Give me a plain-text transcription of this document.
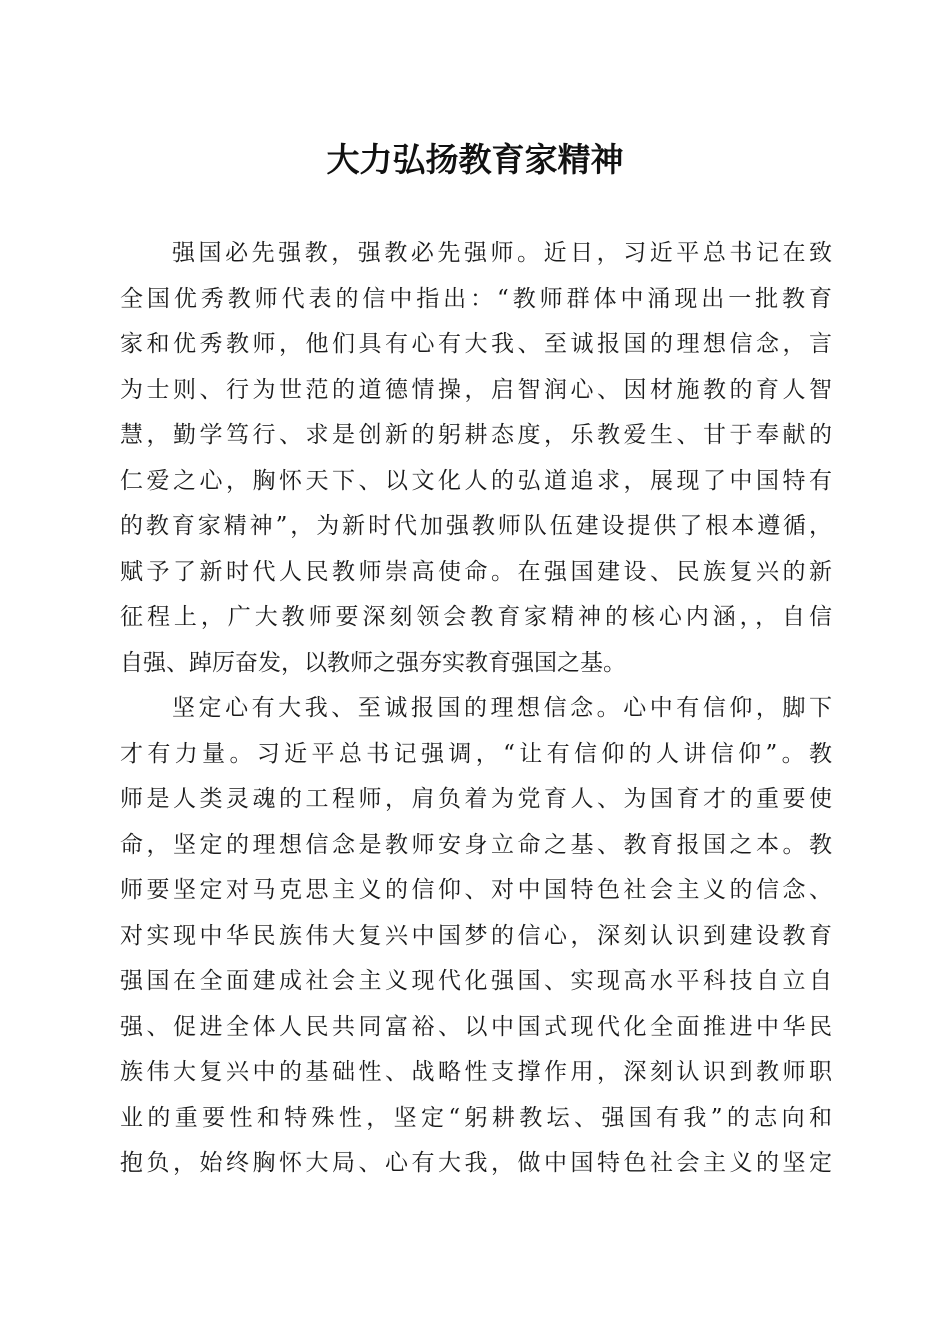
大力弘扬教育家精神
强国必先强教，强教必先强师。近日，习近平总书记在致
全国优秀教师代表的信中指出：“教师群体中涌现出一批教育
家和优秀教师，他们具有心有大我、至诚报国的理想信念，言
为士则、行为世范的道德情操，启智润心、因材施教的育人智
慧，勤学笃行、求是创新的躬耕态度，乐教爱生、甘于奉献的
仁爱之心，胸怀天下、以文化人的弘道追求，展现了中国特有
的教育家精神”，为新时代加强教师队伍建设提供了根本遵循，
赋予了新时代人民教师崇高使命。在强国建设、民族复兴的新
征程上，广大教师要深刻领会教育家精神的核心内涵，，自信
自强、踔厉奋发，以教师之强夯实教育强国之基。
坚定心有大我、至诚报国的理想信念。心中有信仰，脚下
才有力量。习近平总书记强调，“让有信仰的人讲信仰”。教
师是人类灵魂的工程师，肩负着为党育人、为国育才的重要使
命，坚定的理想信念是教师安身立命之基、教育报国之本。教
师要坚定对马克思主义的信仰、对中国特色社会主义的信念、
对实现中华民族伟大复兴中国梦的信心，深刻认识到建设教育
强国在全面建成社会主义现代化强国、实现高水平科技自立自
强、促进全体人民共同富裕、以中国式现代化全面推进中华民
族伟大复兴中的基础性、战略性支撑作用，深刻认识到教师职
业的重要性和特殊性，坚定“躬耕教坛、强国有我”的志向和
抱负，始终胸怀大局、心有大我，做中国特色社会主义的坚定
